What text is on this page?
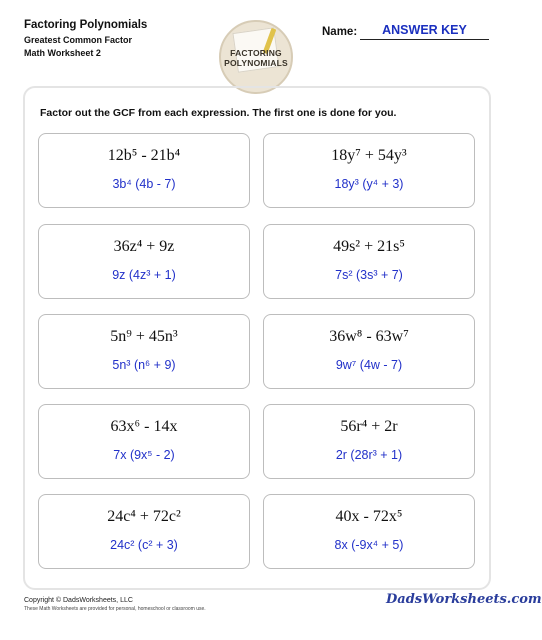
Factoring Polynomials
Greatest Common Factor
Math Worksheet 2	FACTORING
POLYNOMIALS
Name:	ANSWER KEY
Factor out the GCF from each expression. The first one is done for you.
12b⁵ - 21b⁴
3b⁴ (4b - 7)
18y⁷ + 54y³
18y³ (y⁴ + 3)
36z⁴ + 9z
9z (4z³ + 1)
49s² + 21s⁵
7s² (3s³ + 7)
5n⁹ + 45n³
5n³ (n⁶ + 9)
36w⁸ - 63w⁷
9w⁷ (4w - 7)
63x⁶ - 14x
7x (9x⁵ - 2)
56r⁴ + 2r
2r (28r³ + 1)
24c⁴ + 72c²
24c² (c² + 3)
40x - 72x⁵
8x (-9x⁴ + 5)
Copyright © DadsWorksheets, LLC
These Math Worksheets are provided for personal, homeschool or classroom use.
DadsWorksheets.com
